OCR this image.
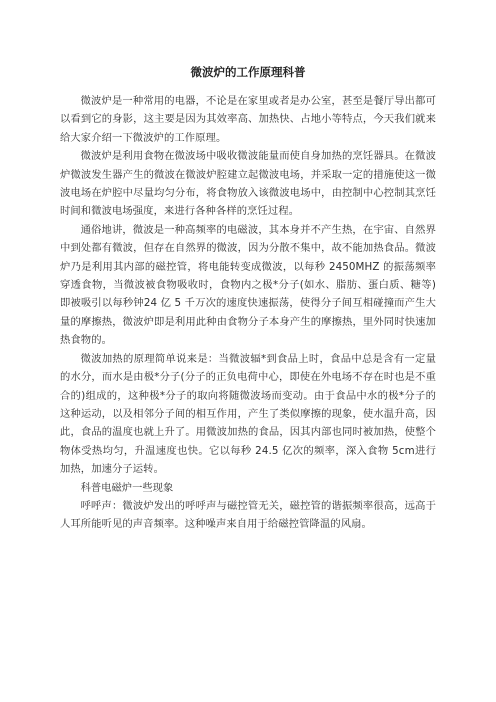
微波炉的工作原理科普

微波炉是一种常用的电器，不论是在家里或者是办公室，甚至是餐厅导出都可以看到它的身影，这主要是因为其效率高、加热快、占地小等特点，今天我们就来给大家介绍一下微波炉的工作原理。

微波炉是利用食物在微波场中吸收微波能量而使自身加热的烹饪器具。在微波炉微波发生器产生的微波在微波炉腔建立起微波电场，并采取一定的措施使这一微波电场在炉腔中尽量均匀分布，将食物放入该微波电场中，由控制中心控制其烹饪时间和微波电场强度，来进行各种各样的烹饪过程。

通俗地讲，微波是一种高频率的电磁波，其本身并不产生热，在宇宙、自然界中到处都有微波，但存在自然界的微波，因为分散不集中，故不能加热食品。微波炉乃是利用其内部的磁控管，将电能转变成微波，以每秒 2450MHZ 的振荡频率穿透食物，当微波被食物吸收时，食物内之极*分子(如水、脂肪、蛋白质、糖等)即被吸引以每秒钟24 亿 5 千万次的速度快速振荡，使得分子间互相碰撞而产生大量的摩擦热，微波炉即是利用此种由食物分子本身产生的摩擦热，里外同时快速加热食物的。

微波加热的原理简单说来是：当微波辐*到食品上时，食品中总是含有一定量的水分，而水是由极*分子(分子的正负电荷中心，即使在外电场不存在时也是不重合的)组成的，这种极*分子的取向将随微波场而变动。由于食品中水的极*分子的这种运动，以及相邻分子间的相互作用，产生了类似摩擦的现象，使水温升高，因此，食品的温度也就上升了。用微波加热的食品，因其内部也同时被加热，使整个物体受热均匀，升温速度也快。它以每秒 24.5 亿次的频率，深入食物 5cm进行加热，加速分子运转。

科普电磁炉一些现象

呼呼声：微波炉发出的呼呼声与磁控管无关，磁控管的谐振频率很高，远高于人耳所能听见的声音频率。这种噪声来自用于给磁控管降温的风扇。
